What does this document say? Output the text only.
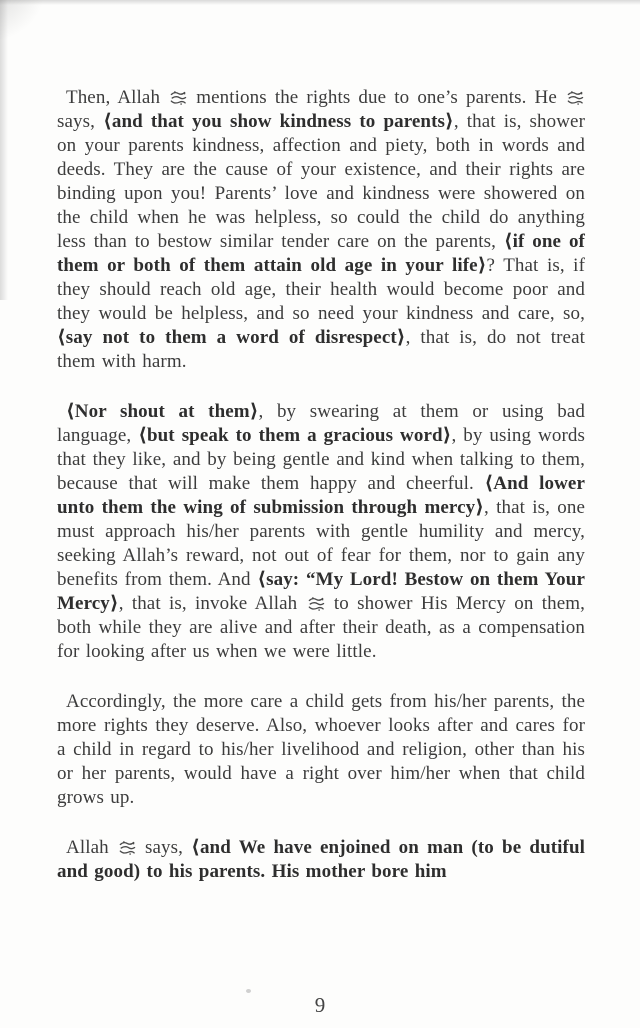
Then, Allah
mentions the rights due to one’s parents. He
says, ⟨and that you show kindness to parents⟩, that is, shower on your parents kindness, affection and piety, both in words and deeds. They are the cause of your existence, and their rights are binding upon you! Parents’ love and kindness were showered on the child when he was helpless, so could the child do anything less than to bestow similar tender care on the parents, ⟨if one of them or both of them attain old age in your life⟩? That is, if they should reach old age, their health would become poor and they would be helpless, and so need your kindness and care, so, ⟨say not to them a word of disrespect⟩, that is, do not treat them with harm.

⟨Nor shout at them⟩, by swearing at them or using bad language, ⟨but speak to them a gracious word⟩, by using words that they like, and by being gentle and kind when talking to them, because that will make them happy and cheerful. ⟨And lower unto them the wing of submission through mercy⟩, that is, one must approach his/her parents with gentle humility and mercy, seeking Allah’s reward, not out of fear for them, nor to gain any benefits from them. And ⟨say: “My Lord! Bestow on them Your Mercy⟩, that is, invoke Allah
to shower His Mercy on them, both while they are alive and after their death, as a compensation for looking after us when we were little.

Accordingly, the more care a child gets from his/her parents, the more rights they deserve. Also, whoever looks after and cares for a child in regard to his/her livelihood and religion, other than his or her parents, would have a right over him/her when that child grows up.

Allah
says, ⟨and We have enjoined on man (to be dutiful and good) to his parents. His mother bore him

9
